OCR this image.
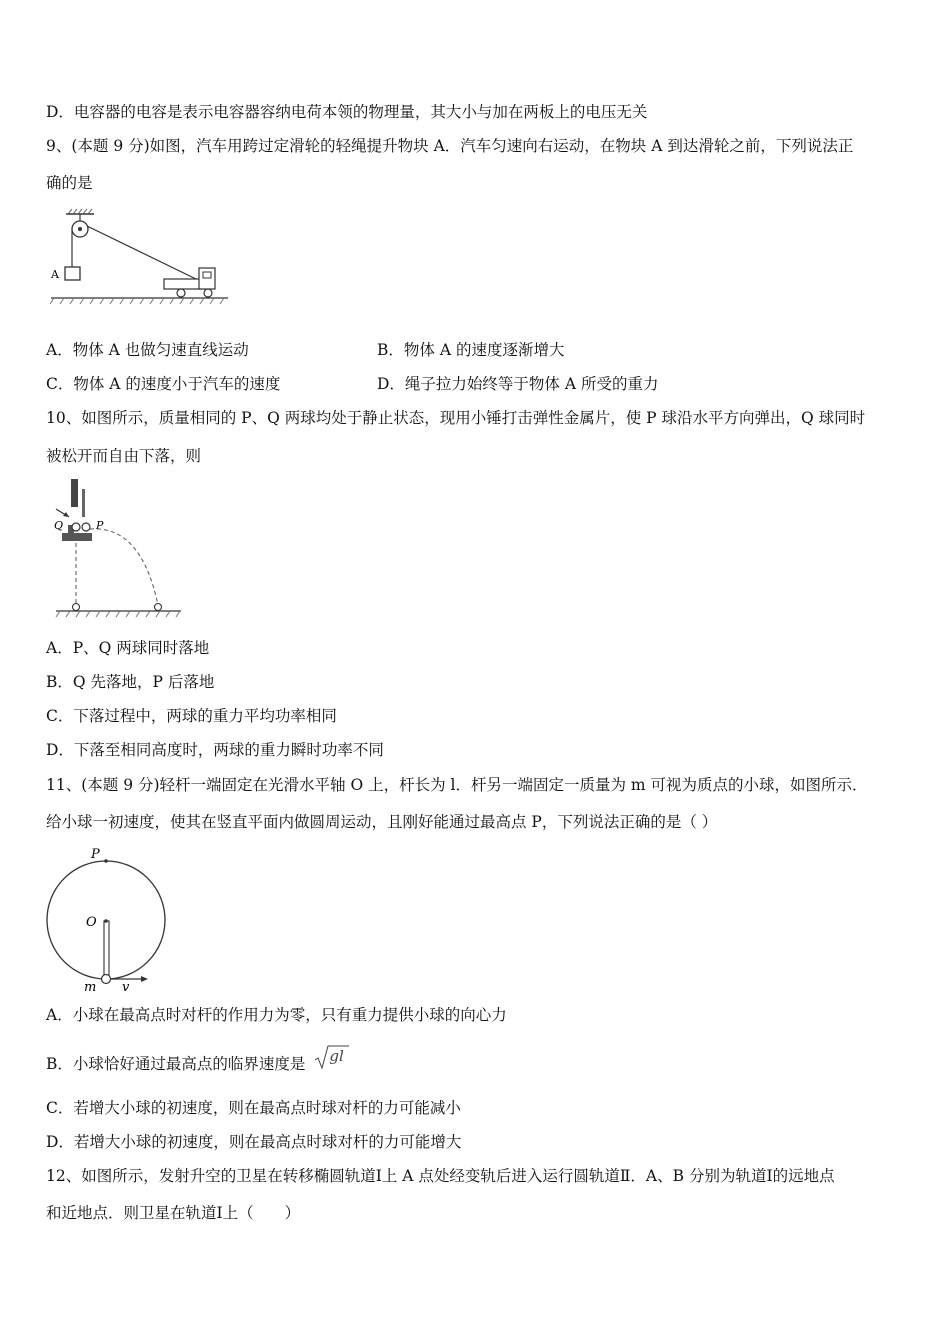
D．电容器的电容是表示电容器容纳电荷本领的物理量，其大小与加在两板上的电压无关
9、(本题 9 分)如图，汽车用跨过定滑轮的轻绳提升物块 A．汽车匀速向右运动，在物块 A 到达滑轮之前，下列说法正
确的是
A
A．物体 A 也做匀速直线运动	B．物体 A 的速度逐渐增大
C．物体 A 的速度小于汽车的速度	D．绳子拉力始终等于物体 A 所受的重力
10、如图所示，质量相同的 P、Q 两球均处于静止状态，现用小锤打击弹性金属片，使 P 球沿水平方向弹出，Q 球同时
被松开而自由下落，则
Q	P
A．P、Q 两球同时落地
B．Q 先落地，P 后落地
C．下落过程中，两球的重力平均功率相同
D．下落至相同高度时，两球的重力瞬时功率不同
11、(本题 9 分)轻杆一端固定在光滑水平轴 O 上，杆长为 l．杆另一端固定一质量为 m 可视为质点的小球，如图所示．
给小球一初速度，使其在竖直平面内做圆周运动，且刚好能通过最高点 P，下列说法正确的是（ ）
P
O
m v
A．小球在最高点时对杆的作用力为零，只有重力提供小球的向心力
B．小球恰好通过最高点的临界速度是 gl
C．若增大小球的初速度，则在最高点时球对杆的力可能减小
D．若增大小球的初速度，则在最高点时球对杆的力可能增大
12、如图所示，发射升空的卫星在转移椭圆轨道Ⅰ上 A 点处经变轨后进入运行圆轨道Ⅱ．A、B 分别为轨道Ⅰ的远地点
和近地点．则卫星在轨道Ⅰ上（　　）
